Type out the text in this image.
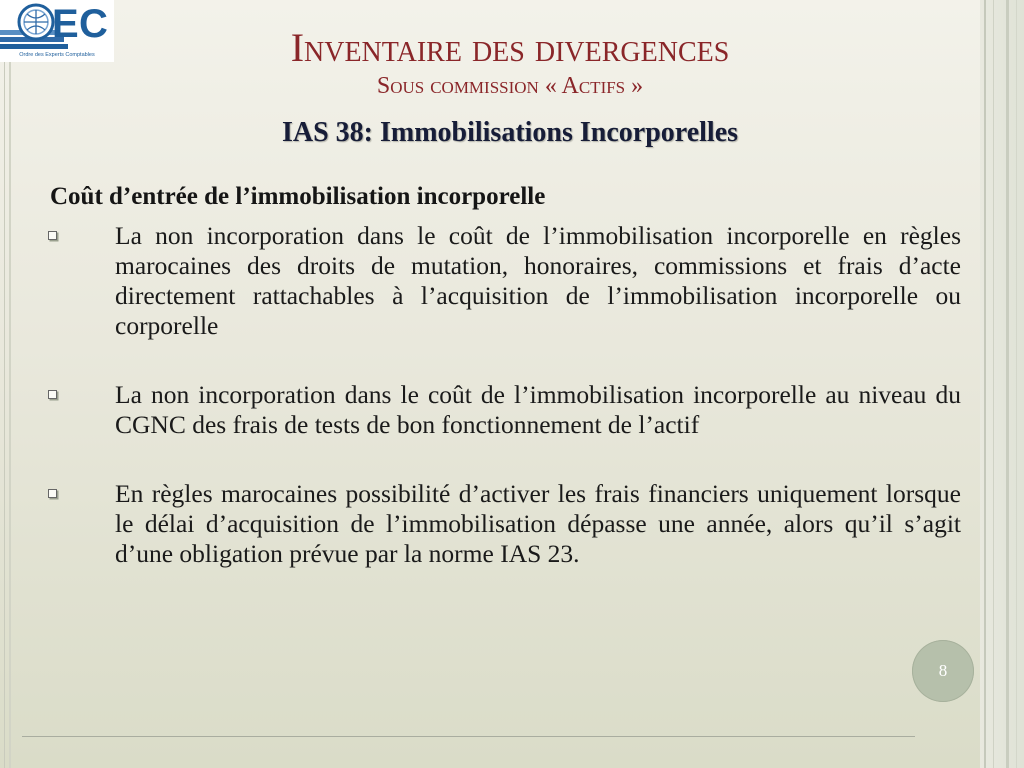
E C
Ordre des Experts Comptables	Inventaire des divergences
Sous commission « Actifs »
IAS 38: Immobilisations Incorporelles
Coût d’entrée de l’immobilisation incorporelle
La non incorporation dans le coût de l’immobilisation incorporelle en règles marocaines des droits de mutation, honoraires, commissions et frais d’acte directement rattachables à l’acquisition de l’immobilisation incorporelle ou corporelle
La non incorporation dans le coût de l’immobilisation incorporelle au niveau du CGNC des frais de tests de bon fonctionnement de l’actif
En règles marocaines possibilité d’activer les frais financiers uniquement lorsque le délai d’acquisition de l’immobilisation dépasse une année, alors qu’il s’agit d’une obligation prévue par la norme IAS 23.
8
